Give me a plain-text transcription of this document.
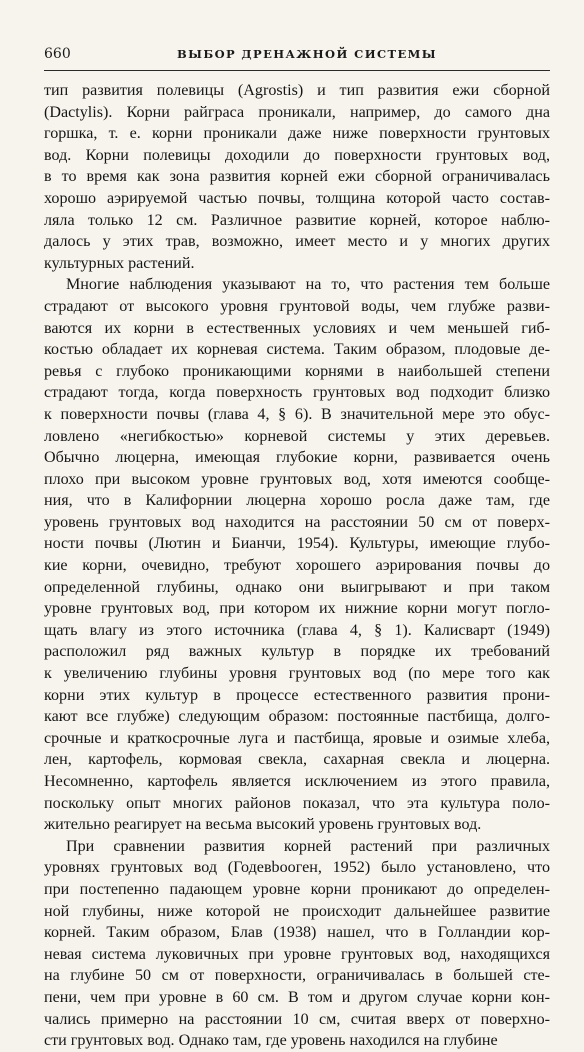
660	ВЫБОР ДРЕНАЖНОЙ СИСТЕМЫ
тип развития полевицы (Agrostis) и тип развития ежи сборной
(Dactylis). Корни райграса проникали, например, до самого дна
горшка, т. е. корни проникали даже ниже поверхности грунтовых
вод. Корни полевицы доходили до поверхности грунтовых вод,
в то время как зона развития корней ежи сборной ограничивалась
хорошо аэрируемой частью почвы, толщина которой часто состав-
ляла только 12 см. Различное развитие корней, которое наблю-
далось у этих трав, возможно, имеет место и у многих других
культурных растений.
Многие наблюдения указывают на то, что растения тем больше
страдают от высокого уровня грунтовой воды, чем глубже разви-
ваются их корни в естественных условиях и чем меньшей гиб-
костью обладает их корневая система. Таким образом, плодовые де-
ревья с глубоко проникающими корнями в наибольшей степени
страдают тогда, когда поверхность грунтовых вод подходит близко
к поверхности почвы (глава 4, § 6). В значительной мере это обус-
ловлено «негибкостью» корневой системы у этих деревьев.
Обычно люцерна, имеющая глубокие корни, развивается очень
плохо при высоком уровне грунтовых вод, хотя имеются сообще-
ния, что в Калифорнии люцерна хорошо росла даже там, где
уровень грунтовых вод находится на расстоянии 50 см от поверх-
ности почвы (Лютин и Бианчи, 1954). Культуры, имеющие глубо-
кие корни, очевидно, требуют хорошего аэрирования почвы до
определенной глубины, однако они выигрывают и при таком
уровне грунтовых вод, при котором их нижние корни могут погло-
щать влагу из этого источника (глава 4, § 1). Калисварт (1949)
расположил ряд важных культур в порядке их требований
к увеличению глубины уровня грунтовых вод (по мере того как
корни этих культур в процессе естественного развития прони-
кают все глубже) следующим образом: постоянные пастбища, долго-
срочные и краткосрочные луга и пастбища, яровые и озимые хлеба,
лен, картофель, кормовая свекла, сахарная свекла и люцерна.
Несомненно, картофель является исключением из этого правила,
поскольку опыт многих районов показал, что эта культура поло-
жительно реагирует на весьма высокий уровень грунтовых вод.
При сравнении развития корней растений при различных
уровнях грунтовых вод (Годевbooген, 1952) было установлено, что
при постепенно падающем уровне корни проникают до определен-
ной глубины, ниже которой не происходит дальнейшее развитие
корней. Таким образом, Блав (1938) нашел, что в Голландии кор-
невая система луковичных при уровне грунтовых вод, находящихся
на глубине 50 см от поверхности, ограничивалась в большей сте-
пени, чем при уровне в 60 см. В том и другом случае корни кон-
чались примерно на расстоянии 10 см, считая вверх от поверхно-
сти грунтовых вод. Однако там, где уровень находился на глубине
